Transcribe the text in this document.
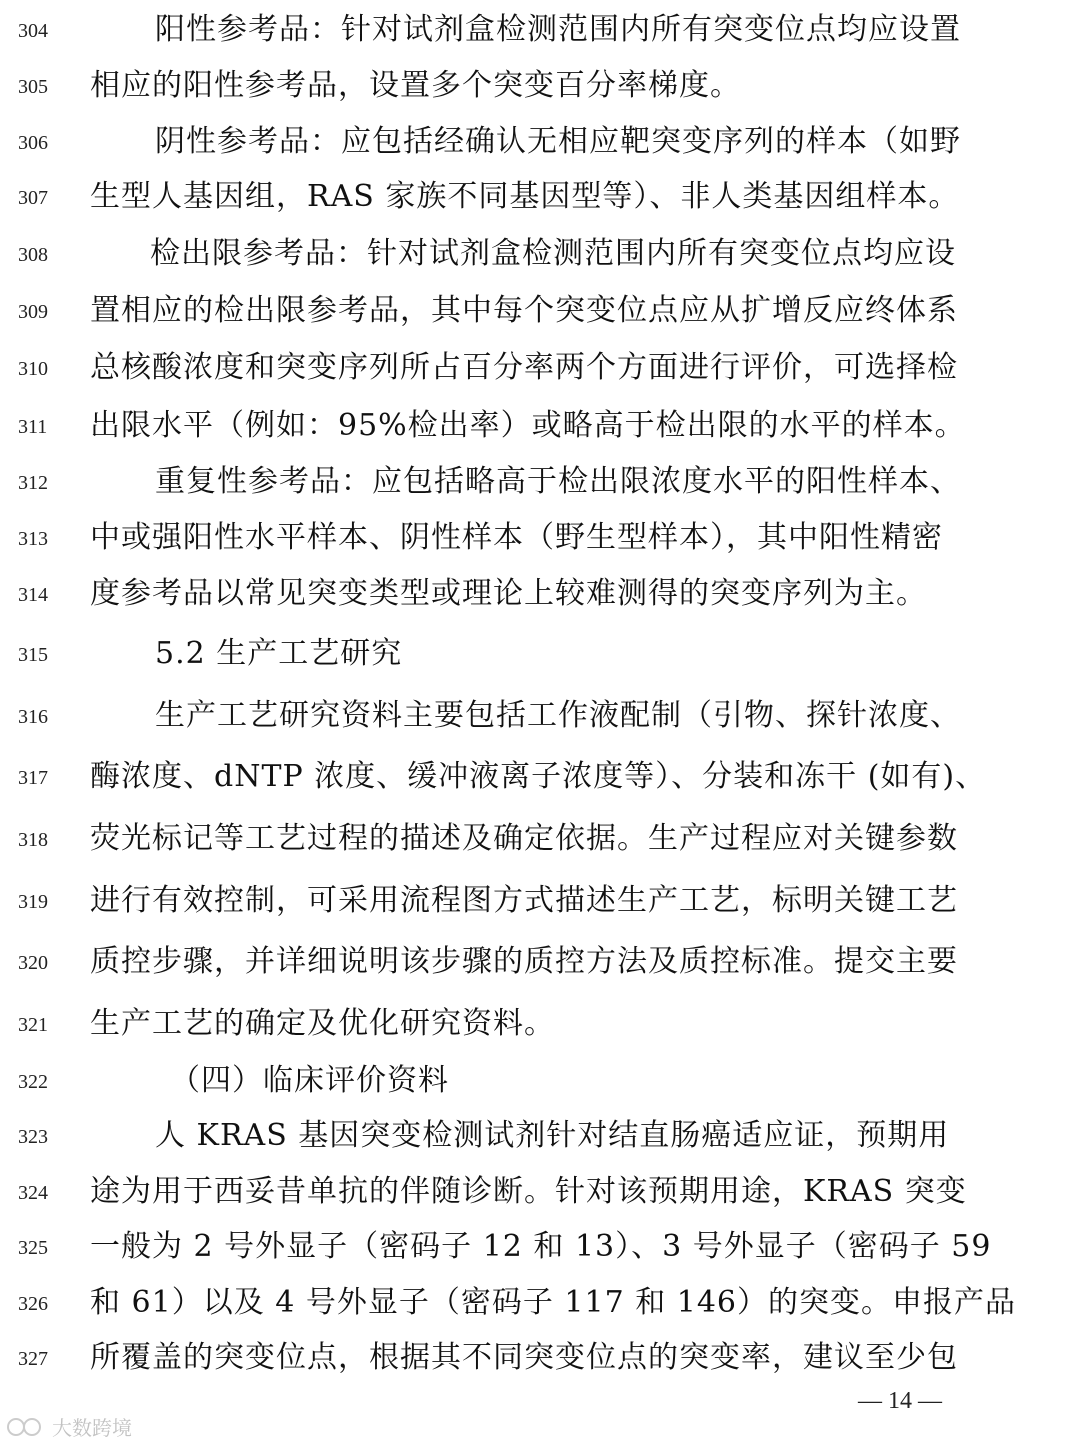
304	阳性参考品：针对试剂盒检测范围内所有突变位点均应设置
305	相应的阳性参考品，设置多个突变百分率梯度。
306	阴性参考品：应包括经确认无相应靶突变序列的样本（如野
307	生型人基因组，RAS 家族不同基因型等）、非人类基因组样本。
308	检出限参考品：针对试剂盒检测范围内所有突变位点均应设
309	置相应的检出限参考品，其中每个突变位点应从扩增反应终体系
310	总核酸浓度和突变序列所占百分率两个方面进行评价，可选择检
311	出限水平（例如：95%检出率）或略高于检出限的水平的样本。
312	重复性参考品：应包括略高于检出限浓度水平的阳性样本、
313	中或强阳性水平样本、阴性样本（野生型样本），其中阳性精密
314	度参考品以常见突变类型或理论上较难测得的突变序列为主。
315	5.2 生产工艺研究
316	生产工艺研究资料主要包括工作液配制（引物、探针浓度、
317	酶浓度、dNTP 浓度、缓冲液离子浓度等）、分装和冻干 (如有)、
318	荧光标记等工艺过程的描述及确定依据。生产过程应对关键参数
319	进行有效控制，可采用流程图方式描述生产工艺，标明关键工艺
320	质控步骤，并详细说明该步骤的质控方法及质控标准。提交主要
321	生产工艺的确定及优化研究资料。
322	（四）临床评价资料
323	人 KRAS 基因突变检测试剂针对结直肠癌适应证，预期用
324	途为用于西妥昔单抗的伴随诊断。针对该预期用途，KRAS 突变
325	一般为 2 号外显子（密码子 12 和 13）、3 号外显子（密码子 59
326	和 61）以及 4 号外显子（密码子 117 和 146）的突变。申报产品
327	所覆盖的突变位点，根据其不同突变位点的突变率，建议至少包
— 14 —
大数跨境
